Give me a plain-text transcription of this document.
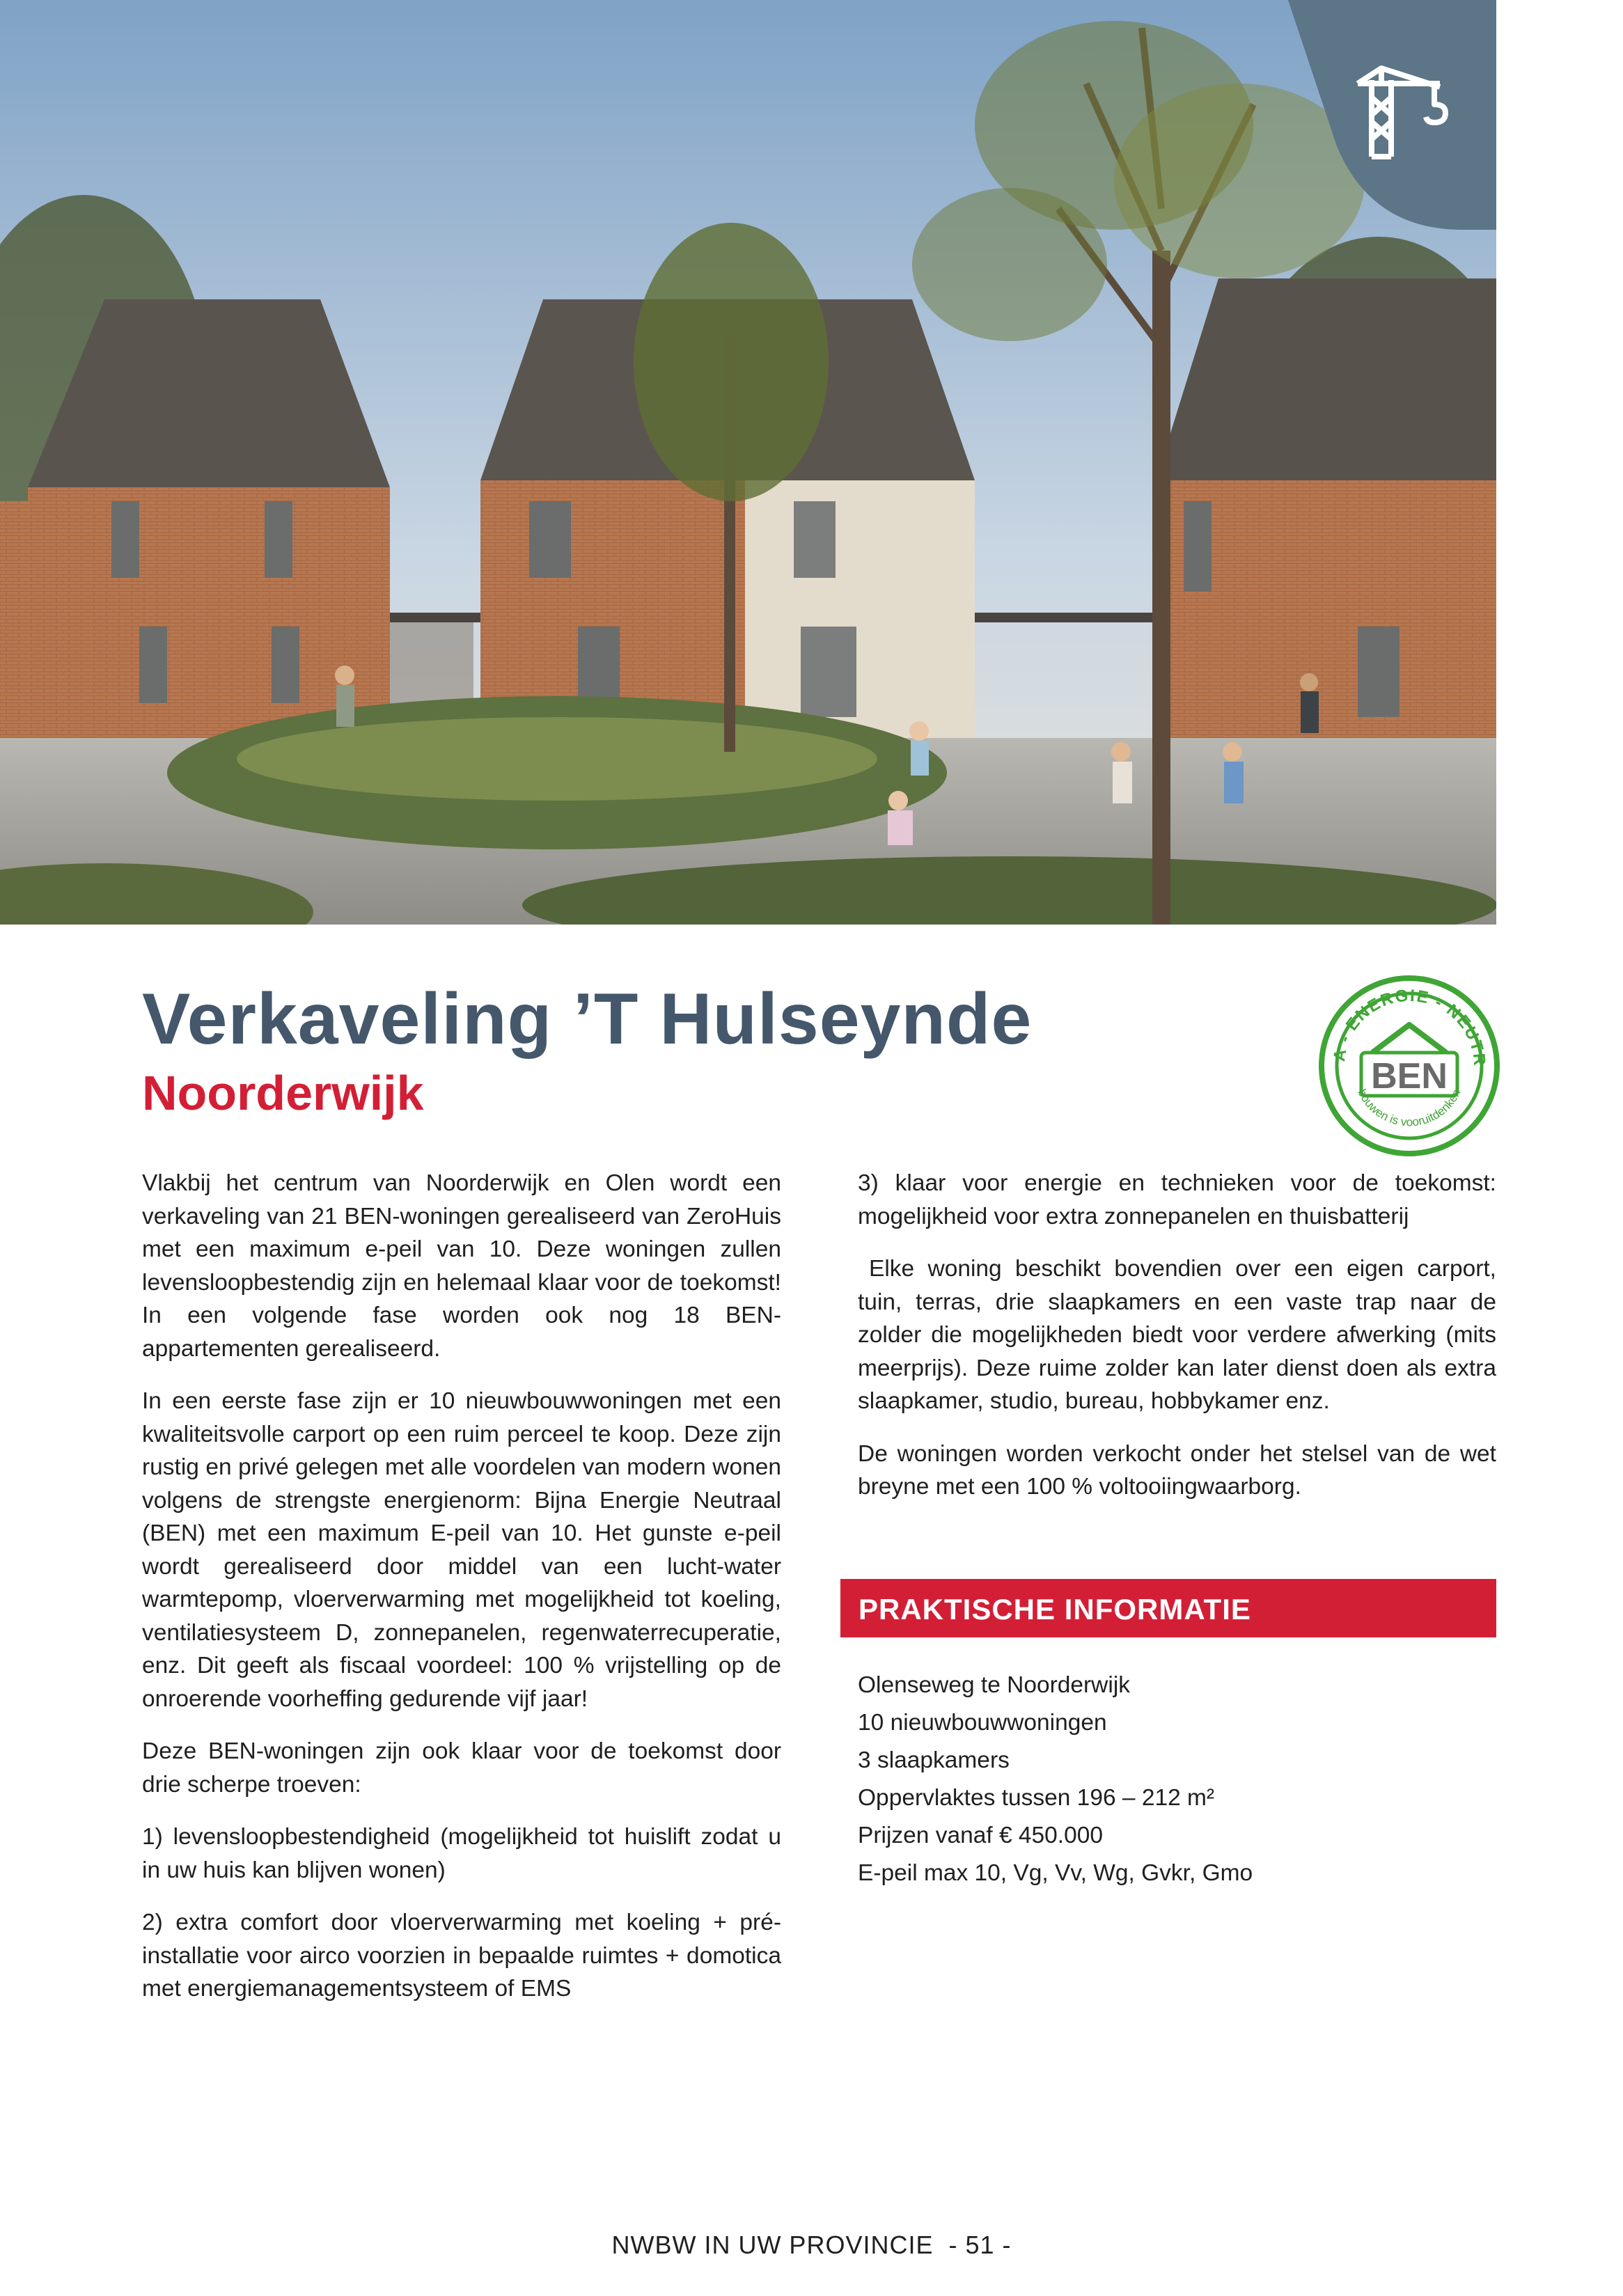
Verkaveling ’T Hulseynde
Noorderwijk
A - ENERGIE - NEUTR
BEN
bouwen is vooruitdenken

Vlakbij het centrum van Noorderwijk en Olen wordt een verkaveling van 21 BEN-woningen gerealiseerd van ZeroHuis met een maximum e-peil van 10. Deze woningen zullen levensloopbestendig zijn en helemaal klaar voor de toekomst! In een volgende fase worden ook nog 18 BEN-appartementen gerealiseerd.

In een eerste fase zijn er 10 nieuwbouwwoningen met een kwaliteitsvolle carport op een ruim perceel te koop. Deze zijn rustig en privé gelegen met alle voordelen van modern wonen volgens de strengste energienorm: Bijna Energie Neutraal (BEN) met een maximum E-peil van 10. Het gunste e-peil wordt gerealiseerd door middel van een lucht-water warmtepomp, vloerverwarming met mogelijkheid tot koeling, ventilatiesysteem D, zonnepanelen, regenwaterrecuperatie, enz. Dit geeft als fiscaal voordeel: 100 % vrijstelling op de onroerende voorheffing gedurende vijf jaar!

Deze BEN-woningen zijn ook klaar voor de toekomst door drie scherpe troeven:

1) levensloopbestendigheid (mogelijkheid tot huislift zodat u in uw huis kan blijven wonen)

2) extra comfort door vloerverwarming met koeling + pré-installatie voor airco voorzien in bepaalde ruimtes + domotica met energiemanagementsysteem of EMS

3) klaar voor energie en technieken voor de toekomst: mogelijkheid voor extra zonnepanelen en thuisbatterij

Elke woning beschikt bovendien over een eigen carport, tuin, terras, drie slaapkamers en een vaste trap naar de zolder die mogelijkheden biedt voor verdere afwerking (mits meerprijs). Deze ruime zolder kan later dienst doen als extra slaapkamer, studio, bureau, hobbykamer enz.

De woningen worden verkocht onder het stelsel van de wet breyne met een 100 % voltooiingwaarborg.

PRAKTISCHE INFORMATIE
Olenseweg te Noorderwijk
10 nieuwbouwwoningen
3 slaapkamers
Oppervlaktes tussen 196 – 212 m²
Prijzen vanaf € 450.000
E-peil max 10, Vg, Vv, Wg, Gvkr, Gmo
NWBW IN UW PROVINCIE  - 51 -
